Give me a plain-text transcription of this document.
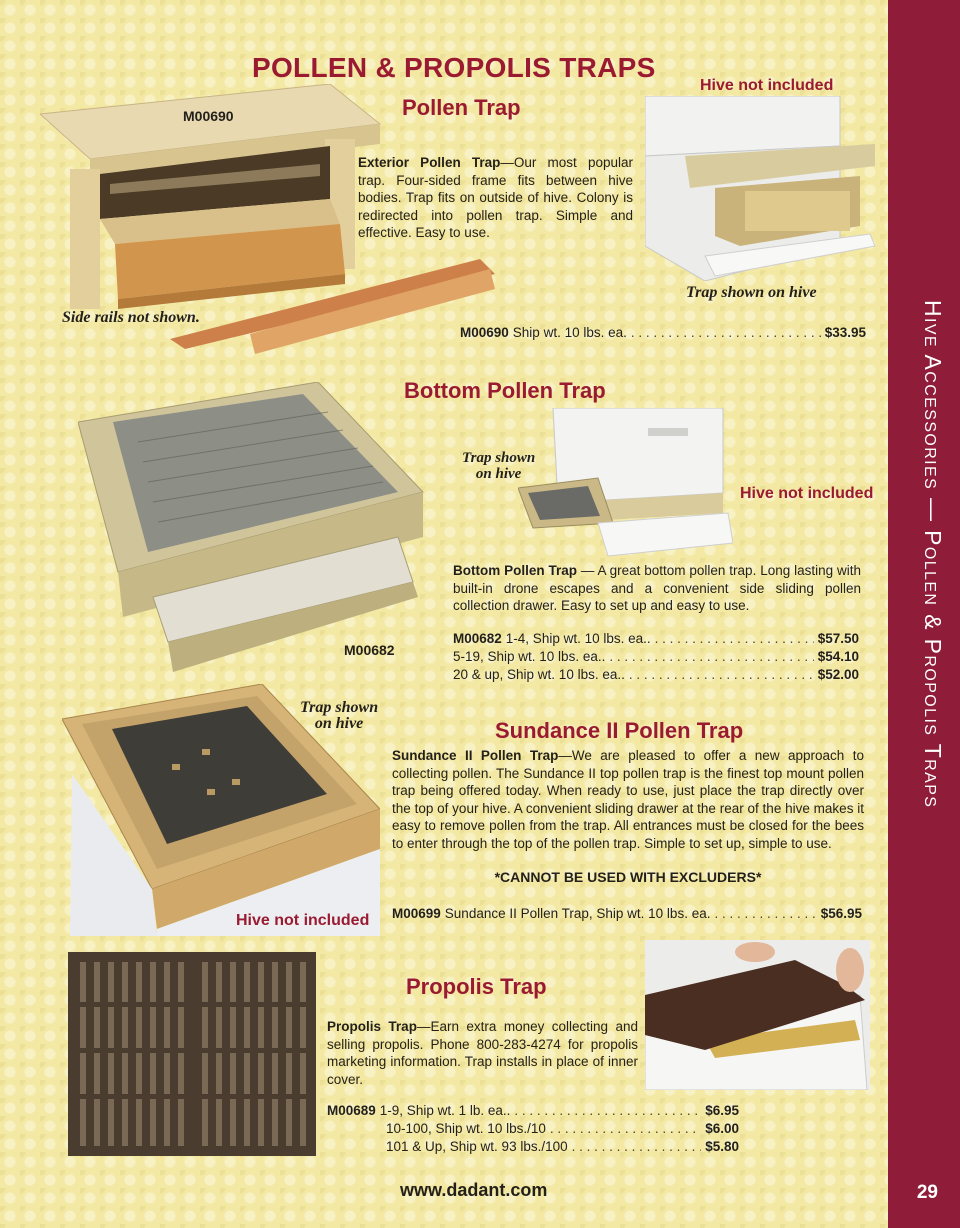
Hive Accessories — Pollen & Propolis Traps
29
POLLEN & PROPOLIS TRAPS
Pollen Trap
M00690
Side rails not shown.

Exterior Pollen Trap—Our most popular trap. Four-sided frame fits between hive bodies. Trap fits on outside of hive. Colony is redirected into pollen trap. Simple and effective. Easy to use.

Hive not included
Trap shown on hive
M00690 Ship wt. 10 lbs. ea. . . .	$33.95
Bottom Pollen Trap
M00682
Trap shown
on hive
Hive not included

Bottom Pollen Trap — A great bottom pollen trap. Long lasting with built-in drone escapes and a convenient side sliding pollen collection drawer. Easy to set up and easy to use.

M00682 1-4, Ship wt. 10 lbs. ea.. . . .	$57.50
5-19, Ship wt. 10 lbs. ea.. . . .	$54.10
20 & up, Ship wt. 10 lbs. ea.. . . .	$52.00
Trap shown
on hive
Hive not included
Sundance II Pollen Trap

Sundance II Pollen Trap—We are pleased to offer a new approach to collecting pollen. The Sundance II top pollen trap is the finest top mount pollen trap being offered today. When ready to use, just place the trap directly over the top of your hive. A convenient sliding drawer at the rear of the hive makes it easy to remove pollen from the trap. All entrances must be closed for the bees to enter through the top of the pollen trap. Simple to set up, simple to use.

*CANNOT BE USED WITH EXCLUDERS*
M00699 Sundance II Pollen Trap, Ship wt. 10 lbs. ea. . . .	$56.95
Propolis Trap

Propolis Trap—Earn extra money collecting and selling propolis. Phone 800-283-4274 for propolis marketing information. Trap installs in place of inner cover.

M00689 1-9, Ship wt. 1 lb. ea.. . . .	$6.95
10-100, Ship wt. 10 lbs./10 . . .	$6.00
101 & Up, Ship wt. 93 lbs./100 . . .	$5.80
www.dadant.com
